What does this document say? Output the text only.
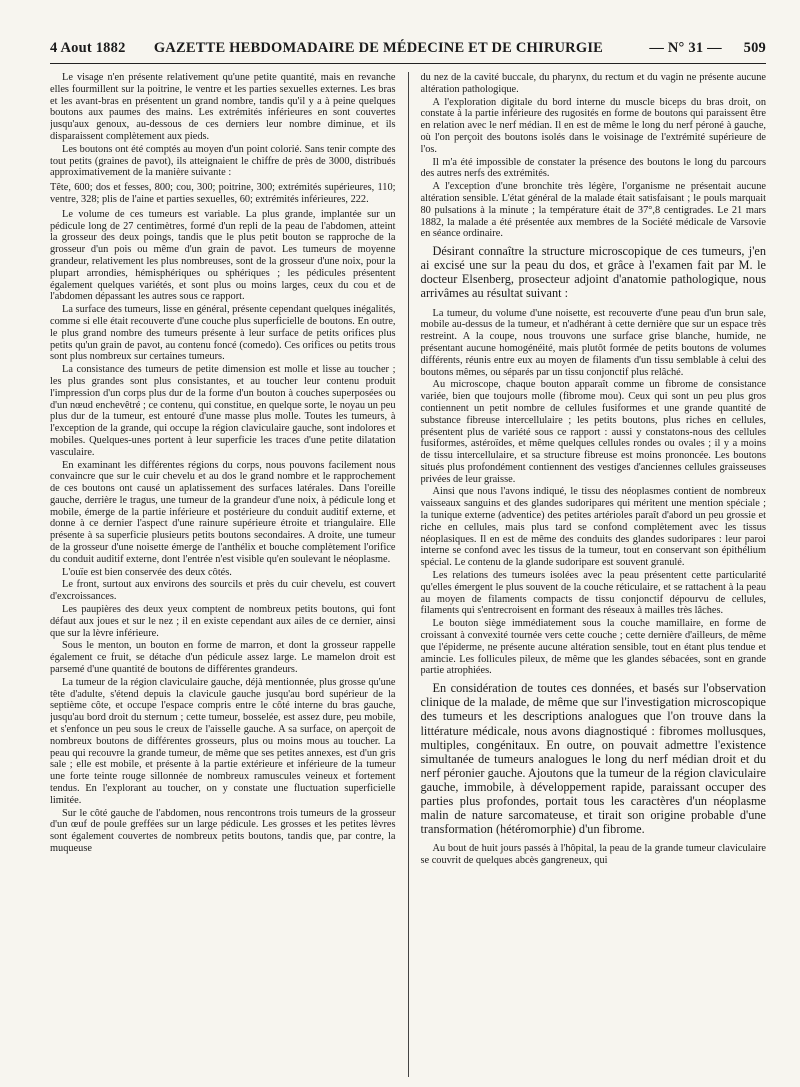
4 Aout 1882 GAZETTE HEBDOMADAIRE DE MÉDECINE ET DE CHIRURGIE	— N° 31 — 509

Le visage n'en présente relativement qu'une petite quantité, mais en revanche elles fourmillent sur la poitrine, le ventre et les parties sexuelles externes. Les bras et les avant-bras en présentent un grand nombre, tandis qu'il y a à peine quelques boutons aux paumes des mains. Les extrémités inférieures en sont couvertes jusqu'aux genoux, au-dessous de ces derniers leur nombre diminue, et ils disparaissent complètement aux pieds.

Les boutons ont été comptés au moyen d'un point colorié. Sans tenir compte des tout petits (graines de pavot), ils atteignaient le chiffre de près de 3000, distribués approximativement de la manière suivante :

Tête, 600; dos et fesses, 800; cou, 300; poitrine, 300; extrémités supérieures, 110; ventre, 328; plis de l'aine et parties sexuelles, 60; extrémités inférieures, 222.

Le volume de ces tumeurs est variable. La plus grande, implantée sur un pédicule long de 27 centimètres, formé d'un repli de la peau de l'abdomen, atteint la grosseur des deux poings, tandis que le plus petit bouton se rapproche de la grosseur d'un pois ou même d'un grain de pavot. Les tumeurs de moyenne grandeur, relativement les plus nombreuses, sont de la grosseur d'une noix, pour la plupart arrondies, hémisphériques ou sphériques ; les pédicules présentent également quelques variétés, et sont plus ou moins larges, ceux du cou et de l'abdomen dépassant les autres sous ce rapport.

La surface des tumeurs, lisse en général, présente cependant quelques inégalités, comme si elle était recouverte d'une couche plus superficielle de boutons. En outre, le plus grand nombre des tumeurs présente à leur surface de petits orifices plus petits qu'un grain de pavot, au contenu foncé (comedo). Ces orifices ou petits trous sont plus nombreux sur certaines tumeurs.

La consistance des tumeurs de petite dimension est molle et lisse au toucher ; les plus grandes sont plus consistantes, et au toucher leur contenu produit l'impression d'un corps plus dur de la forme d'un bouton à couches superposées ou d'un nœud enchevêtré ; ce contenu, qui constitue, en quelque sorte, le noyau un peu plus dur de la tumeur, est entouré d'une masse plus molle. Toutes les tumeurs, à l'exception de la grande, qui occupe la région claviculaire gauche, sont indolores et mobiles. Quelques-unes portent à leur superficie les traces d'une petite dilatation vasculaire.

En examinant les différentes régions du corps, nous pouvons facilement nous convaincre que sur le cuir chevelu et au dos le grand nombre et le rapprochement de ces boutons ont causé un aplatissement des surfaces latérales. Dans l'oreille gauche, derrière le tragus, une tumeur de la grandeur d'une noix, à pédicule long et mobile, émerge de la partie inférieure et postérieure du conduit auditif externe, et donne à ce dernier l'aspect d'une rainure supérieure étroite et triangulaire. Elle présente à sa superficie plusieurs petits boutons secondaires. A droite, une tumeur de la grosseur d'une noisette émerge de l'anthélix et bouche complètement l'orifice du conduit auditif externe, dont l'entrée n'est visible qu'en soulevant le néoplasme.

L'ouïe est bien conservée des deux côtés.

Le front, surtout aux environs des sourcils et près du cuir chevelu, est couvert d'excroissances.

Les paupières des deux yeux comptent de nombreux petits boutons, qui font défaut aux joues et sur le nez ; il en existe cependant aux ailes de ce dernier, ainsi que sur la lèvre inférieure.

Sous le menton, un bouton en forme de marron, et dont la grosseur rappelle également ce fruit, se détache d'un pédicule assez large. Le mamelon droit est parsemé d'une quantité de boutons de différentes grandeurs.

La tumeur de la région claviculaire gauche, déjà mentionnée, plus grosse qu'une tête d'adulte, s'étend depuis la clavicule gauche jusqu'au bord supérieur de la septième côte, et occupe l'espace compris entre le côté interne du bras gauche, jusqu'au bord droit du sternum ; cette tumeur, bosselée, est assez dure, peu mobile, et s'enfonce un peu sous le creux de l'aisselle gauche. A sa surface, on aperçoit de nombreux boutons de différentes grosseurs, plus ou moins mous au toucher. La peau qui recouvre la grande tumeur, de même que ses petites annexes, est d'un gris sale ; elle est mobile, et présente à la partie extérieure et inférieure de la tumeur une forte teinte rouge sillonnée de nombreux ramuscules veineux et fortement tendus. En l'explorant au toucher, on y constate une fluctuation superficielle limitée.

Sur le côté gauche de l'abdomen, nous rencontrons trois tumeurs de la grosseur d'un œuf de poule greffées sur un large pédicule. Les grosses et les petites lèvres sont également couvertes de nombreux petits boutons, tandis que, par contre, la muqueuse

du nez de la cavité buccale, du pharynx, du rectum et du vagin ne présente aucune altération pathologique.

A l'exploration digitale du bord interne du muscle biceps du bras droit, on constate à la partie inférieure des rugosités en forme de boutons qui paraissent être en relation avec le nerf médian. Il en est de même le long du nerf péroné à gauche, où l'on perçoit des boutons isolés dans le voisinage de l'extrémité supérieure de l'os.

Il m'a été impossible de constater la présence des boutons le long du parcours des autres nerfs des extrémités.

A l'exception d'une bronchite très légère, l'organisme ne présentait aucune altération sensible. L'état général de la malade était satisfaisant ; le pouls marquait 80 pulsations à la minute ; la température était de 37°,8 centigrades. Le 21 mars 1882, la malade a été présentée aux membres de la Société médicale de Varsovie en séance ordinaire.

Désirant connaître la structure microscopique de ces tumeurs, j'en ai excisé une sur la peau du dos, et grâce à l'examen fait par M. le docteur Elsenberg, prosecteur adjoint d'anatomie pathologique, nous arrivâmes au résultat suivant :

La tumeur, du volume d'une noisette, est recouverte d'une peau d'un brun sale, mobile au-dessus de la tumeur, et n'adhérant à cette dernière que sur un espace très restreint. A la coupe, nous trouvons une surface grise blanche, humide, ne présentant aucune homogénéité, mais plutôt formée de petits boutons de volumes différents, réunis entre eux au moyen de filaments d'un tissu semblable à celui des boutons mêmes, ou séparés par un tissu conjonctif plus relâché.

Au microscope, chaque bouton apparaît comme un fibrome de consistance variée, bien que toujours molle (fibrome mou). Ceux qui sont un peu plus gros contiennent un petit nombre de cellules fusiformes et une grande quantité de substance fibreuse intercellulaire ; les petits boutons, plus riches en cellules, présentent plus de variété sous ce rapport : aussi y constatons-nous des cellules fusiformes, astéroïdes, et même quelques cellules rondes ou ovales ; il y a moins de tissu intercellulaire, et sa structure fibreuse est moins prononcée. Les boutons situés plus profondément contiennent des vestiges d'anciennes cellules graisseuses privées de leur graisse.

Ainsi que nous l'avons indiqué, le tissu des néoplasmes contient de nombreux vaisseaux sanguins et des glandes sudoripares qui méritent une mention spéciale ; la tunique externe (adventice) des petites artérioles paraît d'abord un peu grossie et riche en cellules, mais plus tard se confond complètement avec les tissus néoplasiques. Il en est de même des conduits des glandes sudoripares : leur paroi interne se confond avec les tissus de la tumeur, tout en conservant son épithélium spécial. Le contenu de la glande sudoripare est souvent granulé.

Les relations des tumeurs isolées avec la peau présentent cette particularité qu'elles émergent le plus souvent de la couche réticulaire, et se rattachent à la peau au moyen de filaments compacts de tissu conjonctif dépourvu de cellules, filaments qui s'entrecroisent en formant des réseaux à mailles très lâches.

Le bouton siège immédiatement sous la couche mamillaire, en forme de croissant à convexité tournée vers cette couche ; cette dernière d'ailleurs, de même que l'épiderme, ne présente aucune altération sensible, tout en étant plus tendue et amincie. Les follicules pileux, de même que les glandes sébacées, sont en grande partie atrophiées.

En considération de toutes ces données, et basés sur l'observation clinique de la malade, de même que sur l'investigation microscopique des tumeurs et les descriptions analogues que l'on trouve dans la littérature médicale, nous avons diagnostiqué : fibromes mollusques, multiples, congénitaux. En outre, on pouvait admettre l'existence simultanée de tumeurs analogues le long du nerf médian droit et du nerf péronier gauche. Ajoutons que la tumeur de la région claviculaire gauche, immobile, à développement rapide, paraissant occuper des parties plus profondes, portait tous les caractères d'un néoplasme malin de nature sarcomateuse, et tirait son origine probable d'une transformation (hétéromorphie) d'un fibrome.

Au bout de huit jours passés à l'hôpital, la peau de la grande tumeur claviculaire se couvrit de quelques abcès gangreneux, qui
